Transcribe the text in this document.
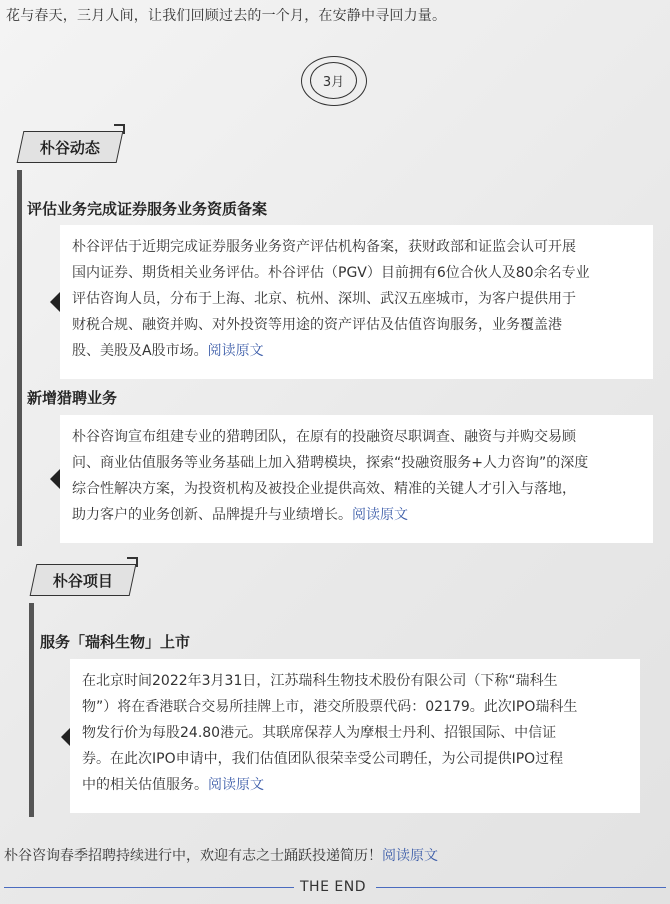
花与春天，三月人间，让我们回顾过去的一个月，在安静中寻回力量。
3月
朴谷动态
评估业务完成证券服务业务资质备案
朴谷评估于近期完成证券服务业务资产评估机构备案，获财政部和证监会认可开展
国内证券、期货相关业务评估。朴谷评估（PGV）目前拥有6位合伙人及80余名专业
评估咨询人员，分布于上海、北京、杭州、深圳、武汉五座城市，为客户提供用于
财税合规、融资并购、对外投资等用途的资产评估及估值咨询服务，业务覆盖港
股、美股及A股市场。阅读原文
新增猎聘业务
朴谷咨询宣布组建专业的猎聘团队，在原有的投融资尽职调查、融资与并购交易顾
问、商业估值服务等业务基础上加入猎聘模块，探索“投融资服务+人力咨询”的深度
综合性解决方案，为投资机构及被投企业提供高效、精准的关键人才引入与落地，
助力客户的业务创新、品牌提升与业绩增长。阅读原文
朴谷项目
服务「瑞科生物」上市
在北京时间2022年3月31日，江苏瑞科生物技术股份有限公司（下称“瑞科生
物”）将在香港联合交易所挂牌上市，港交所股票代码：02179。此次IPO瑞科生
物发行价为每股24.80港元。其联席保荐人为摩根士丹利、招银国际、中信证
券。在此次IPO申请中，我们估值团队很荣幸受公司聘任，为公司提供IPO过程
中的相关估值服务。阅读原文
朴谷咨询春季招聘持续进行中，欢迎有志之士踊跃投递简历！阅读原文
THE END
